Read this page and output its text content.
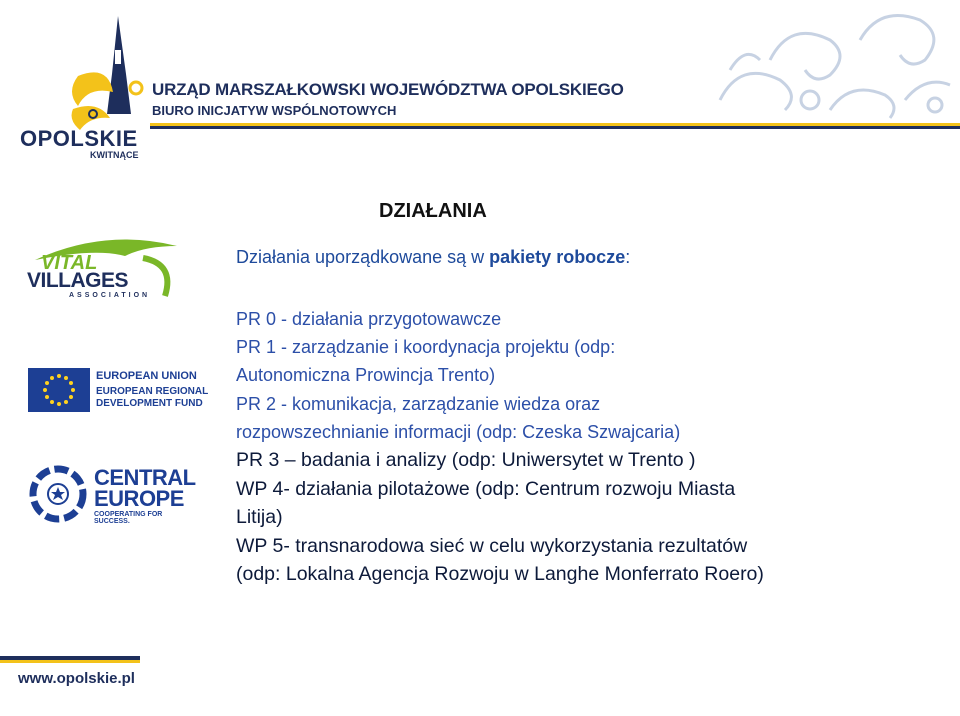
OPOLSKIE
KWITNĄCE
URZĄD MARSZAŁKOWSKI WOJEWÓDZTWA OPOLSKIEGO
BIURO INICJATYW WSPÓLNOTOWYCH
VITAL
VILLAGES
ASSOCIATION
EUROPEAN UNION
EUROPEAN REGIONAL
DEVELOPMENT FUND
CENTRAL
EUROPE
COOPERATING FOR SUCCESS.
DZIAŁANIA
Działania uporządkowane są w pakiety robocze:
PR 0 - działania przygotowawcze
PR 1 - zarządzanie i koordynacja projektu (odp:
Autonomiczna Prowincja Trento)
PR 2 - komunikacja, zarządzanie wiedza oraz
rozpowszechnianie informacji (odp: Czeska Szwajcaria)
PR 3 – badania i analizy (odp: Uniwersytet w Trento )
WP 4- działania pilotażowe (odp: Centrum rozwoju Miasta
Litija)
WP 5- transnarodowa sieć w celu wykorzystania rezultatów
(odp: Lokalna Agencja Rozwoju w Langhe Monferrato Roero)
www.opolskie.pl
